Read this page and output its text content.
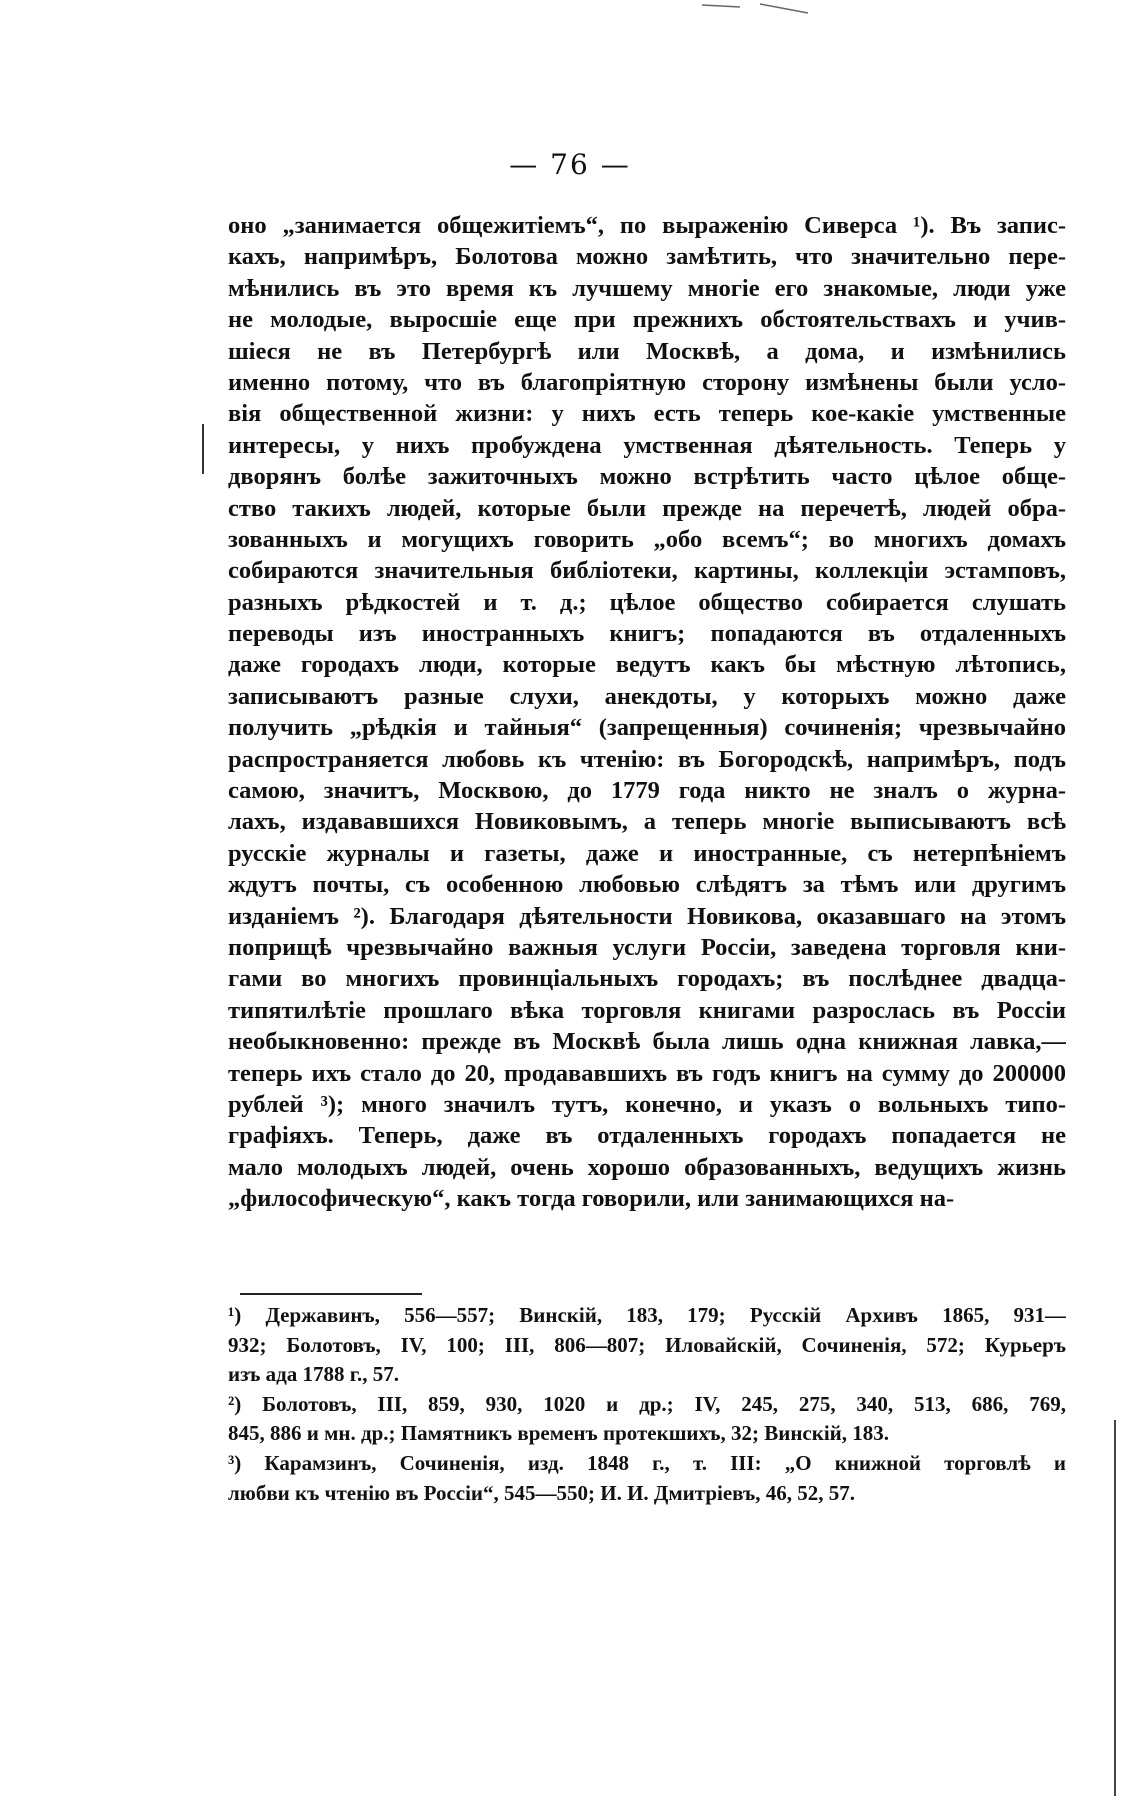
— 76 —
оно „занимается общежитіемъ“, по выраженію Сиверса ¹). Въ запис-
кахъ, напримѣръ, Болотова можно замѣтить, что значительно пере-
мѣнились въ это время къ лучшему многіе его знакомые, люди уже
не молодые, выросшіе еще при прежнихъ обстоятельствахъ и учив-
шіеся не въ Петербургѣ или Москвѣ, а дома, и измѣнились
именно потому, что въ благопріятную сторону измѣнены были усло-
вія общественной жизни: у нихъ есть теперь кое-какіе умственные
интересы, у нихъ пробуждена умственная дѣятельность. Теперь у
дворянъ болѣе зажиточныхъ можно встрѣтить часто цѣлое обще-
ство такихъ людей, которые были прежде на перечетѣ, людей обра-
зованныхъ и могущихъ говорить „обо всемъ“; во многихъ домахъ
собираются значительныя библіотеки, картины, коллекціи эстамповъ,
разныхъ рѣдкостей и т. д.; цѣлое общество собирается слушать
переводы изъ иностранныхъ книгъ; попадаются въ отдаленныхъ
даже городахъ люди, которые ведутъ какъ бы мѣстную лѣтопись,
записываютъ разные слухи, анекдоты, у которыхъ можно даже
получить „рѣдкія и тайныя“ (запрещенныя) сочиненія; чрезвычайно
распространяется любовь къ чтенію: въ Богородскѣ, напримѣръ, подъ
самою, значитъ, Москвою, до 1779 года никто не зналъ о журна-
лахъ, издававшихся Новиковымъ, а теперь многіе выписываютъ всѣ
русскіе журналы и газеты, даже и иностранные, съ нетерпѣніемъ
ждутъ почты, съ особенною любовью слѣдятъ за тѣмъ или другимъ
изданіемъ ²). Благодаря дѣятельности Новикова, оказавшаго на этомъ
поприщѣ чрезвычайно важныя услуги Россіи, заведена торговля кни-
гами во многихъ провинціальныхъ городахъ; въ послѣднее двадца-
типятилѣтіе прошлаго вѣка торговля книгами разрослась въ Россіи
необыкновенно: прежде въ Москвѣ была лишь одна книжная лавка,—
теперь ихъ стало до 20, продававшихъ въ годъ книгъ на сумму до 200000
рублей ³); много значилъ тутъ, конечно, и указъ о вольныхъ типо-
графіяхъ. Теперь, даже въ отдаленныхъ городахъ попадается не
мало молодыхъ людей, очень хорошо образованныхъ, ведущихъ жизнь
„философическую“, какъ тогда говорили, или занимающихся на-
¹) Державинъ, 556—557; Винскій, 183, 179; Русскій Архивъ 1865, 931—
932; Болотовъ, IV, 100; III, 806—807; Иловайскій, Сочиненія, 572; Курьеръ
изъ ада 1788 г., 57.
²) Болотовъ, III, 859, 930, 1020 и др.; IV, 245, 275, 340, 513, 686, 769,
845, 886 и мн. др.; Памятникъ временъ протекшихъ, 32; Винскій, 183.
³) Карамзинъ, Сочиненія, изд. 1848 г., т. III: „О книжной торговлѣ и
любви къ чтенію въ Россіи“, 545—550; И. И. Дмитріевъ, 46, 52, 57.
